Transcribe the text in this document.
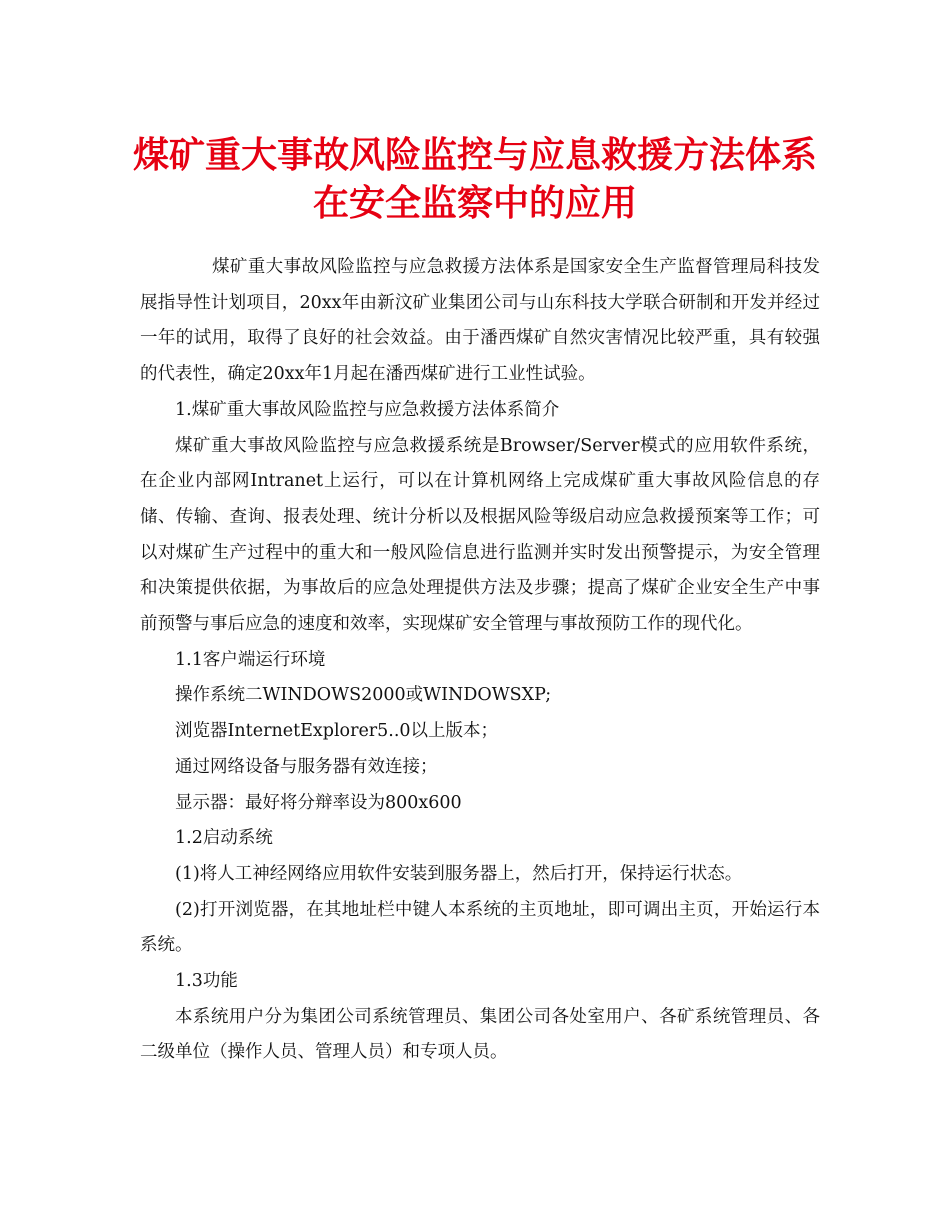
煤矿重大事故风险监控与应息救援方法体系
在安全监察中的应用

煤矿重大事故风险监控与应急救援方法体系是国家安全生产监督管理局科技发展指导性计划项目，20xx年由新汶矿业集团公司与山东科技大学联合研制和开发并经过一年的试用，取得了良好的社会效益。由于潘西煤矿自然灾害情况比较严重，具有较强的代表性，确定20xx年1月起在潘西煤矿进行工业性试验。

1.煤矿重大事故风险监控与应急救援方法体系简介

煤矿重大事故风险监控与应急救援系统是Browser/Server模式的应用软件系统，在企业内部网Intranet上运行，可以在计算机网络上完成煤矿重大事故风险信息的存储、传输、查询、报表处理、统计分析以及根据风险等级启动应急救援预案等工作；可以对煤矿生产过程中的重大和一般风险信息进行监测并实时发出预警提示，为安全管理和决策提供依据，为事故后的应急处理提供方法及步骤；提高了煤矿企业安全生产中事前预警与事后应急的速度和效率，实现煤矿安全管理与事故预防工作的现代化。

1.1客户端运行环境

操作系统二WINDOWS2000或WINDOWSXP;

浏览器InternetExplorer5..0以上版本；

通过网络设备与服务器有效连接；

显示器：最好将分辩率设为800x600

1.2启动系统

(1)将人工神经网络应用软件安装到服务器上，然后打开，保持运行状态。

(2)打开浏览器，在其地址栏中键人本系统的主页地址，即可调出主页，开始运行本系统。

1.3功能

本系统用户分为集团公司系统管理员、集团公司各处室用户、各矿系统管理员、各二级单位（操作人员、管理人员）和专项人员。
